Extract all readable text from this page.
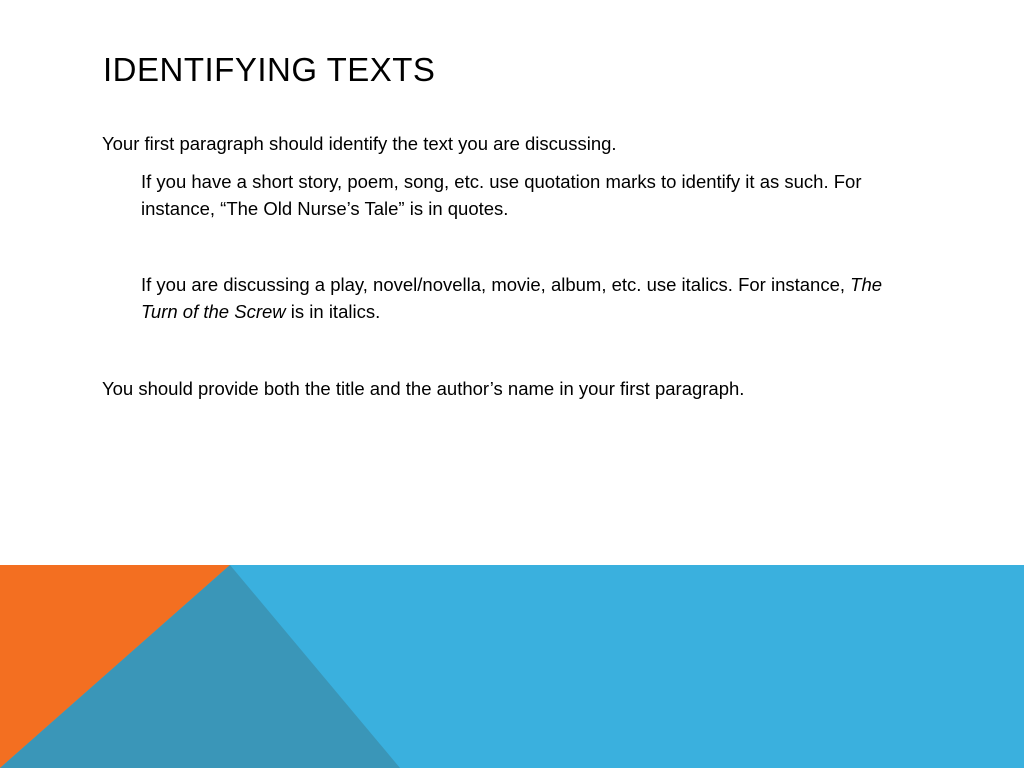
IDENTIFYING TEXTS

Your first paragraph should identify the text you are discussing.

If you have a short story, poem, song, etc. use quotation marks to identify it as such. For instance, “The Old Nurse’s Tale” is in quotes.

If you are discussing a play, novel/novella, movie, album, etc. use italics. For instance, The Turn of the Screw is in italics.

You should provide both the title and the author’s name in your first paragraph.
